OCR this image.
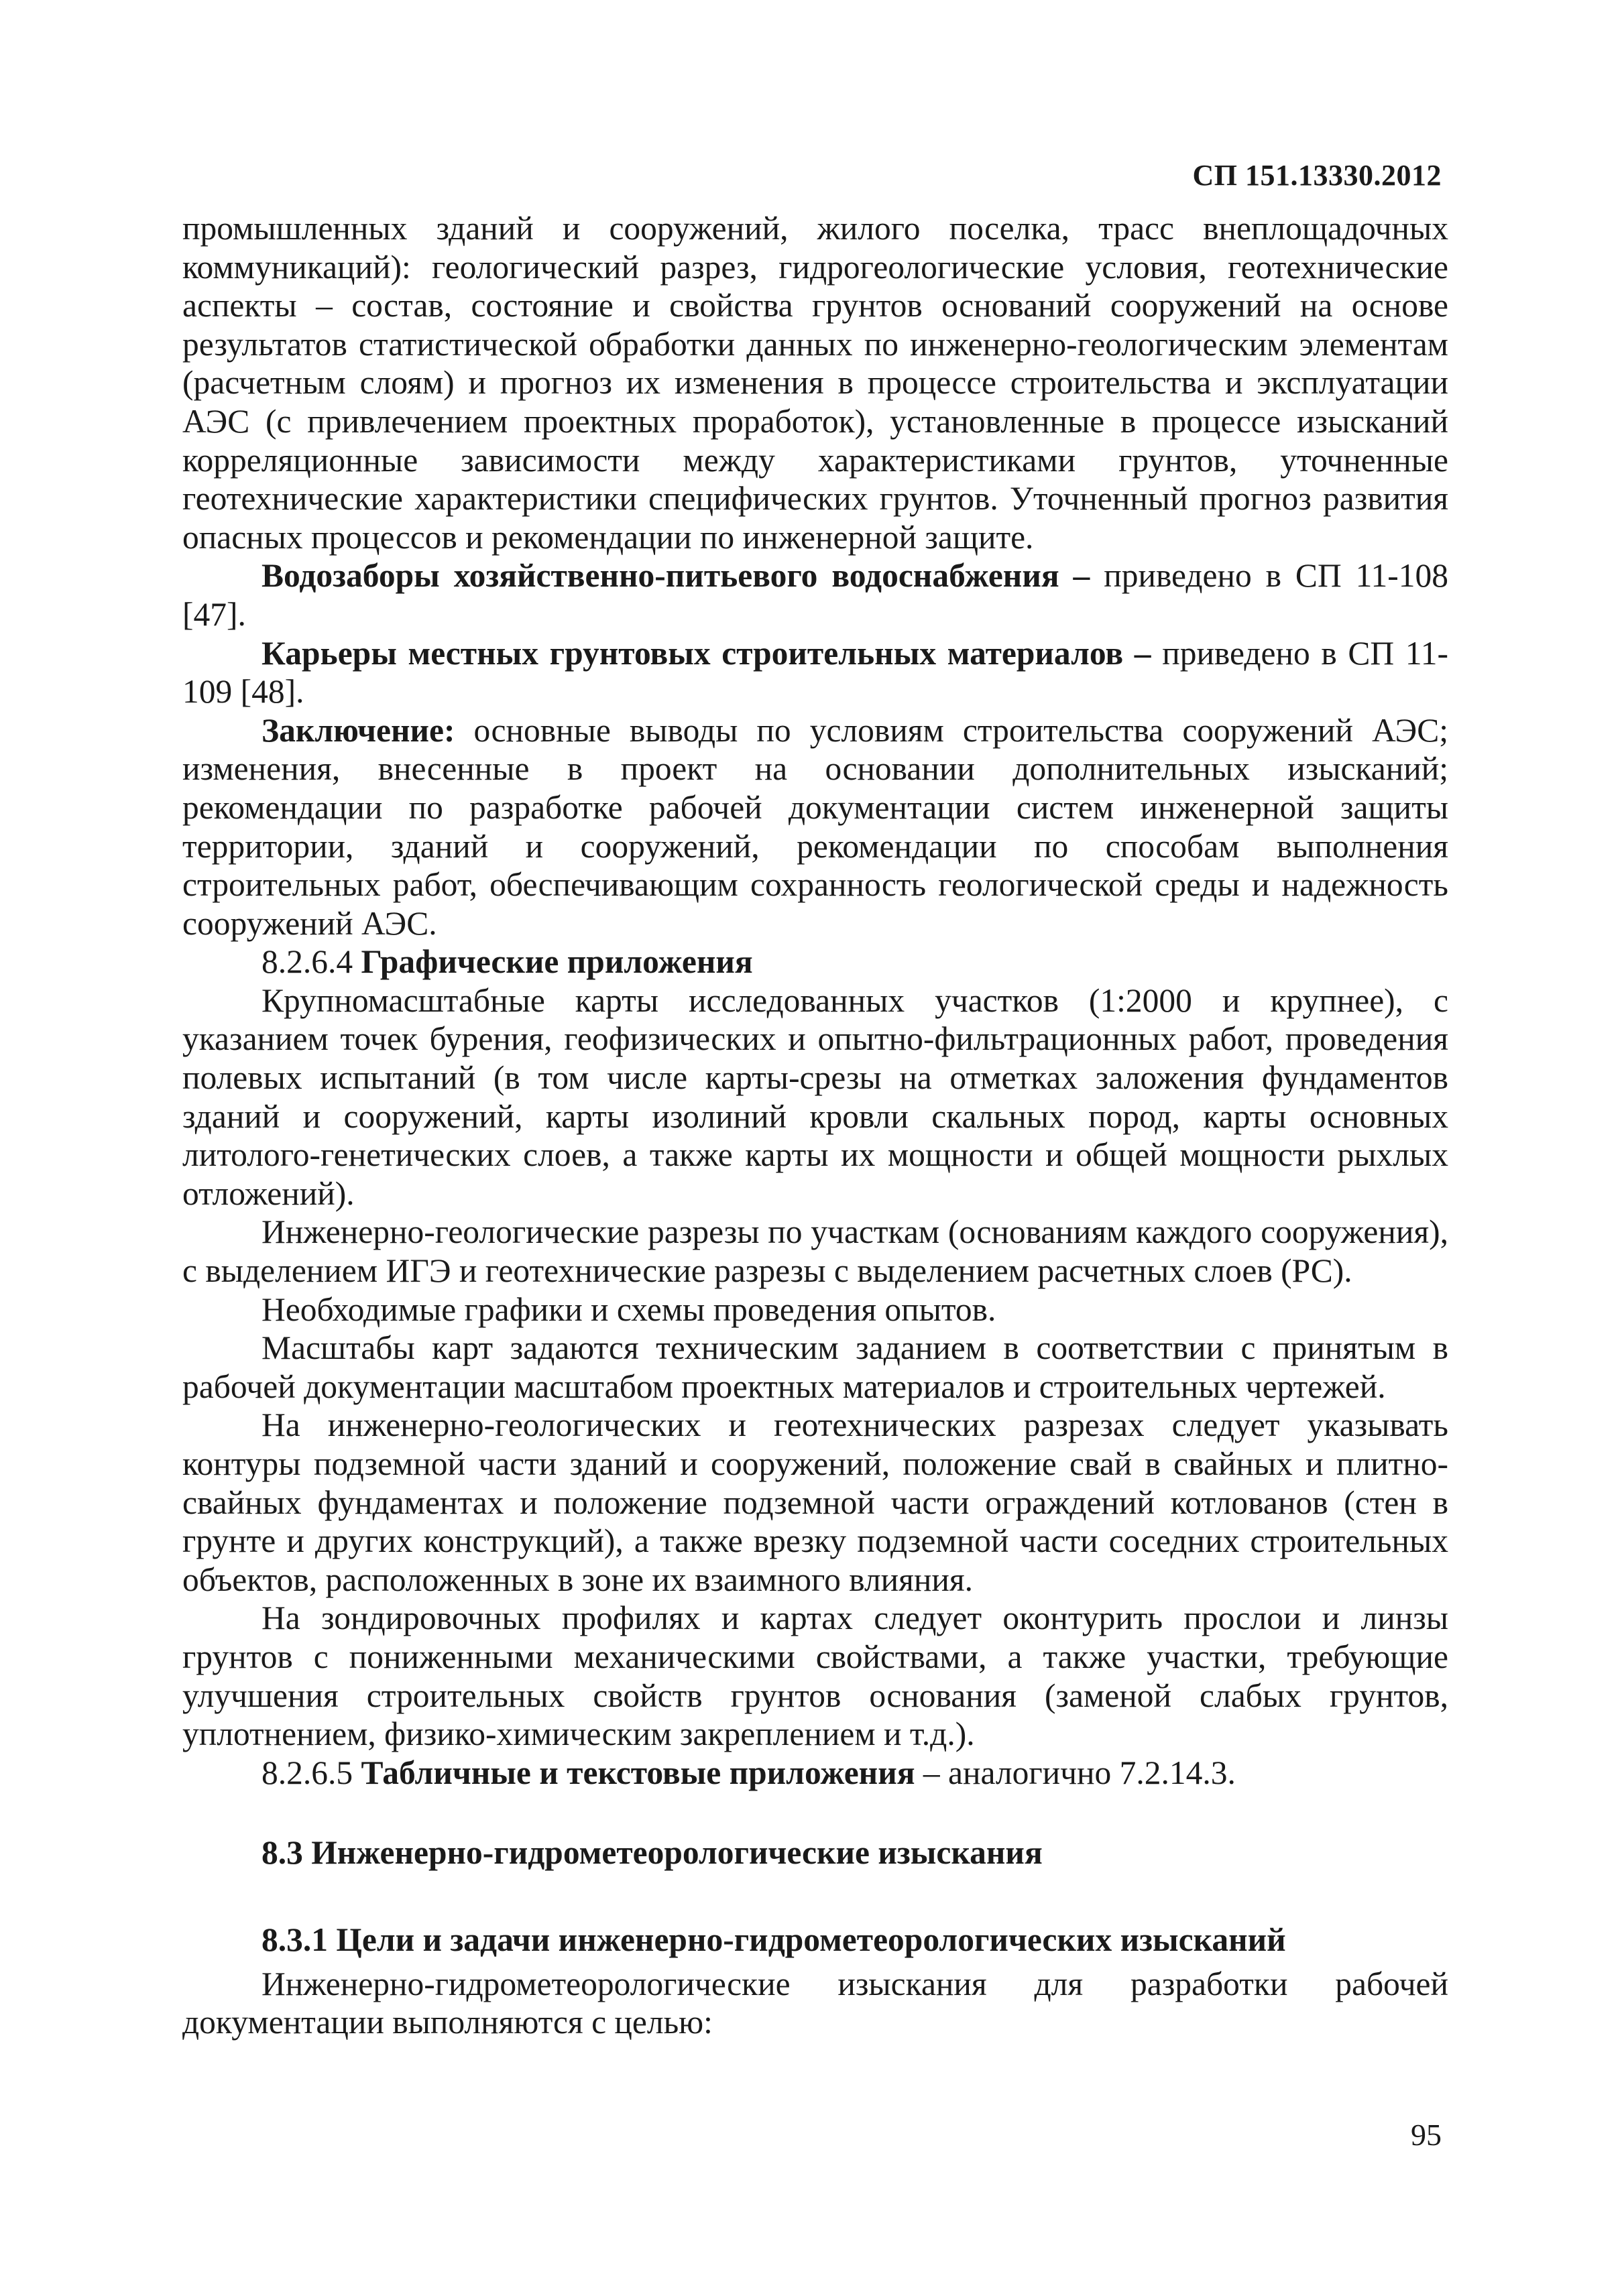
СП 151.13330.2012

промышленных зданий и сооружений, жилого поселка, трасс внеплощадочных коммуникаций): геологический разрез, гидрогеологические условия, геотехнические аспекты – состав, состояние и свойства грунтов оснований сооружений на основе результатов статистической обработки данных по инженерно-геологическим элементам (расчетным слоям) и прогноз их изменения в процессе строительства и эксплуатации АЭС (с привлечением проектных проработок), установленные в процессе изысканий корреляционные зависимости между характеристиками грунтов, уточненные геотехнические характеристики специфических грунтов. Уточненный прогноз развития опасных процессов и рекомендации по инженерной защите.

Водозаборы хозяйственно-питьевого водоснабжения – приведено в СП 11-108 [47].

Карьеры местных грунтовых строительных материалов – приведено в СП 11-109 [48].

Заключение: основные выводы по условиям строительства сооружений АЭС; изменения, внесенные в проект на основании дополнительных изысканий; рекомендации по разработке рабочей документации систем инженерной защиты территории, зданий и сооружений, рекомендации по способам выполнения строительных работ, обеспечивающим сохранность геологической среды и надежность сооружений АЭС.

8.2.6.4 Графические приложения

Крупномасштабные карты исследованных участков (1:2000 и крупнее), с указанием точек бурения, геофизических и опытно-фильтрационных работ, проведения полевых испытаний (в том числе карты-срезы на отметках заложения фундаментов зданий и сооружений, карты изолиний кровли скальных пород, карты основных литолого-генетических слоев, а также карты их мощности и общей мощности рыхлых отложений).

Инженерно-геологические разрезы по участкам (основаниям каждого сооружения), с выделением ИГЭ и геотехнические разрезы с выделением расчетных слоев (РС).

Необходимые графики и схемы проведения опытов.

Масштабы карт задаются техническим заданием в соответствии с принятым в рабочей документации масштабом проектных материалов и строительных чертежей.

На инженерно-геологических и геотехнических разрезах следует указывать контуры подземной части зданий и сооружений, положение свай в свайных и плитно-свайных фундаментах и положение подземной части ограждений котлованов (стен в грунте и других конструкций), а также врезку подземной части соседних строительных объектов, расположенных в зоне их взаимного влияния.

На зондировочных профилях и картах следует оконтурить прослои и линзы грунтов с пониженными механическими свойствами, а также участки, требующие улучшения строительных свойств грунтов основания (заменой слабых грунтов, уплотнением, физико-химическим закреплением и т.д.).

8.2.6.5 Табличные и текстовые приложения – аналогично 7.2.14.3.

8.3 Инженерно-гидрометеорологические изыскания

8.3.1 Цели и задачи инженерно-гидрометеорологических изысканий

Инженерно-гидрометеорологические изыскания для разработки рабочей документации выполняются с целью:

95
